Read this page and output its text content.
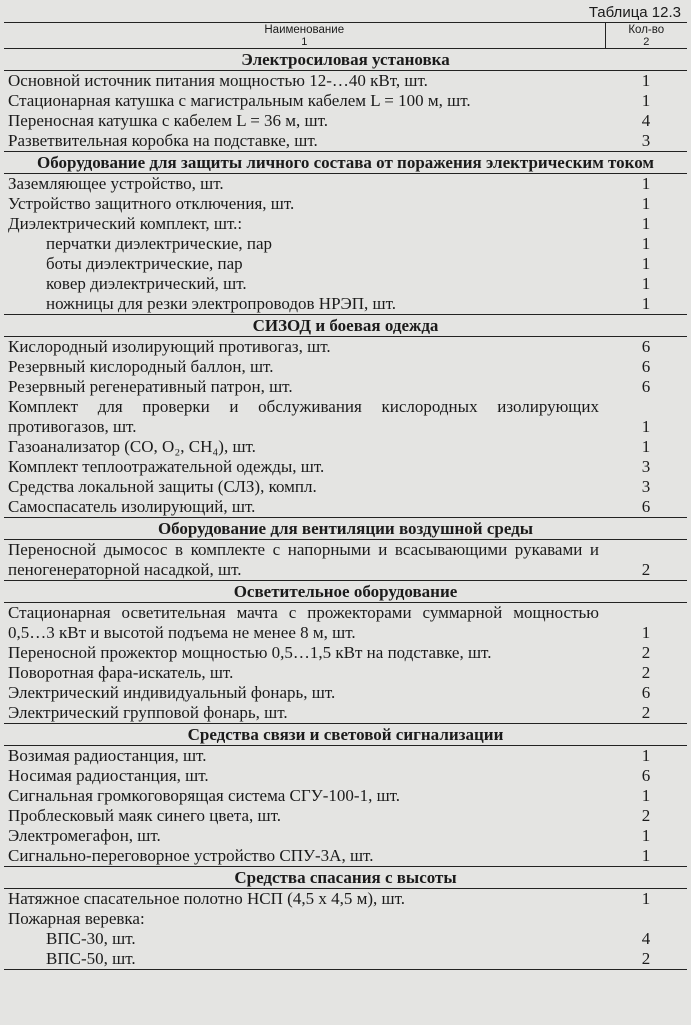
Таблица 12.3
Наименование	Кол-во
1	2
Электросиловая установка	
Основной источник питания мощностью 12-…40 кВт, шт.	1
Стационарная катушка с магистральным кабелем L = 100 м, шт.	1
Переносная катушка с кабелем L = 36 м, шт.	4
Разветвительная коробка на подставке, шт.	3
Оборудование для защиты личного состава от поражения электрическим током	
Заземляющее устройство, шт.	1
Устройство защитного отключения, шт.	1
Диэлектрический комплект, шт.:	1
перчатки диэлектрические, пар	1
боты диэлектрические, пар	1
ковер диэлектрический, шт.	1
ножницы для резки электропроводов НРЭП, шт.	1
СИЗОД и боевая одежда	
Кислородный изолирующий противогаз, шт.	6
Резервный кислородный баллон, шт.	6
Резервный регенеративный патрон, шт.	6
Комплект для проверки и обслуживания кислородных изолирующих противогазов, шт.	1
Газоанализатор (CO, O₂, CH₄), шт.	1
Комплект теплоотражательной одежды, шт.	3
Средства локальной защиты (СЛЗ), компл.	3
Самоспасатель изолирующий, шт.	6
Оборудование для вентиляции воздушной среды	
Переносной дымосос в комплекте с напорными и всасывающими рукавами и пеногенераторной насадкой, шт.	2
Осветительное оборудование	
Стационарная осветительная мачта с прожекторами суммарной мощностью 0,5…3 кВт и высотой подъема не менее 8 м, шт.	1
Переносной прожектор мощностью 0,5…1,5 кВт на подставке, шт.	2
Поворотная фара-искатель, шт.	2
Электрический индивидуальный фонарь, шт.	6
Электрический групповой фонарь, шт.	2
Средства связи и световой сигнализации	
Возимая радиостанция, шт.	1
Носимая радиостанция, шт.	6
Сигнальная громкоговорящая система СГУ-100-1, шт.	1
Проблесковый маяк синего цвета, шт.	2
Электромегафон, шт.	1
Сигнально-переговорное устройство СПУ-3А, шт.	1
Средства спасания с высоты	
Натяжное спасательное полотно НСП (4,5 х 4,5 м), шт.	1
Пожарная веревка:	
ВПС-30, шт.	4
ВПС-50, шт.	2
